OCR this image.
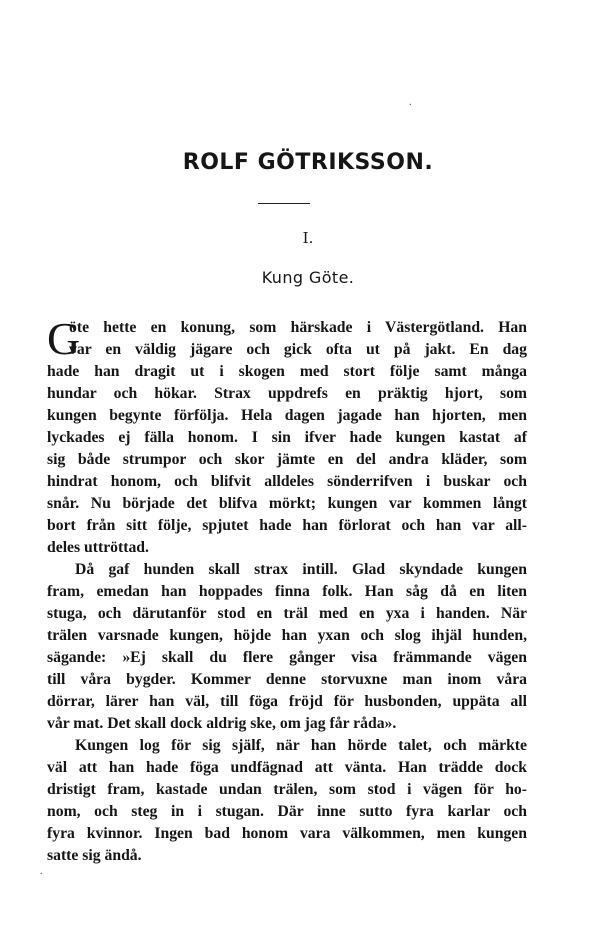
ROLF GÖTRIKSSON.
I.
Kung Göte.
G
öte hette en konung, som härskade i Västergötland. Han
var en väldig jägare och gick ofta ut på jakt. En dag
hade han dragit ut i skogen med stort följe samt många
hundar och hökar. Strax uppdrefs en präktig hjort, som
kungen begynte förfölja. Hela dagen jagade han hjorten, men
lyckades ej fälla honom. I sin ifver hade kungen kastat af
sig både strumpor och skor jämte en del andra kläder, som
hindrat honom, och blifvit alldeles sönderrifven i buskar och
snår. Nu började det blifva mörkt; kungen var kommen långt
bort från sitt följe, spjutet hade han förlorat och han var all-
deles uttröttad.
Då gaf hunden skall strax intill. Glad skyndade kungen
fram, emedan han hoppades finna folk. Han såg då en liten
stuga, och därutanför stod en träl med en yxa i handen. När
trälen varsnade kungen, höjde han yxan och slog ihjäl hunden,
sägande: »Ej skall du flere gånger visa främmande vägen
till våra bygder. Kommer denne storvuxne man inom våra
dörrar, lärer han väl, till föga fröjd för husbonden, uppäta all
vår mat. Det skall dock aldrig ske, om jag får råda».
Kungen log för sig själf, när han hörde talet, och märkte
väl att han hade föga undfägnad att vänta. Han trädde dock
dristigt fram, kastade undan trälen, som stod i vägen för ho-
nom, och steg in i stugan. Där inne sutto fyra karlar och
fyra kvinnor. Ingen bad honom vara välkommen, men kungen
satte sig ändå.
.
.
